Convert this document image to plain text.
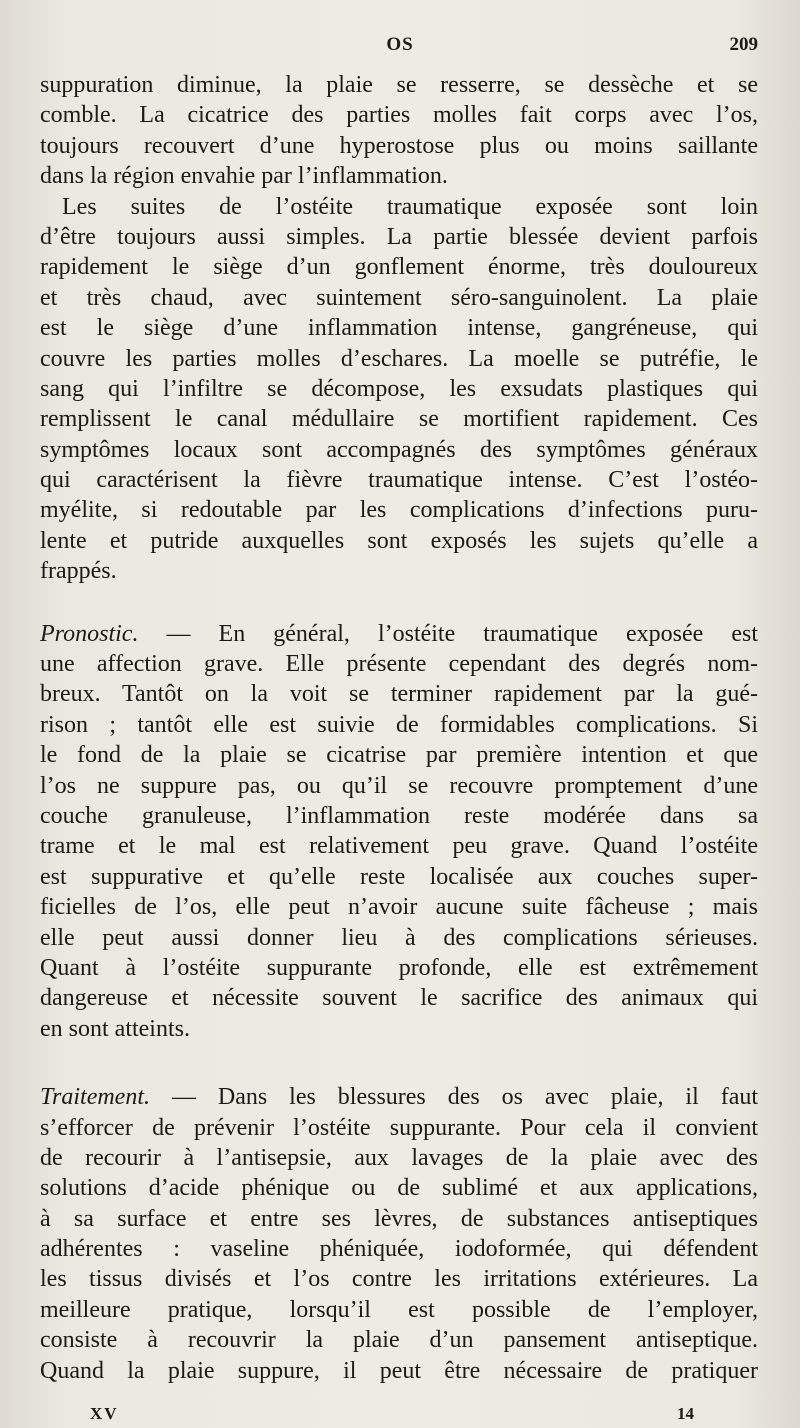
OS	209
suppuration diminue, la plaie se resserre, se dessèche et se
comble. La cicatrice des parties molles fait corps avec l’os,
toujours recouvert d’une hyperostose plus ou moins saillante
dans la région envahie par l’inflammation.
Les suites de l’ostéite traumatique exposée sont loin
d’être toujours aussi simples. La partie blessée devient parfois
rapidement le siège d’un gonflement énorme, très douloureux
et très chaud, avec suintement séro-sanguinolent. La plaie
est le siège d’une inflammation intense, gangréneuse, qui
couvre les parties molles d’eschares. La moelle se putréfie, le
sang qui l’infiltre se décompose, les exsudats plastiques qui
remplissent le canal médullaire se mortifient rapidement. Ces
symptômes locaux sont accompagnés des symptômes généraux
qui caractérisent la fièvre traumatique intense. C’est l’ostéo-
myélite, si redoutable par les complications d’infections puru-
lente et putride auxquelles sont exposés les sujets qu’elle a
frappés.
Pronostic. — En général, l’ostéite traumatique exposée est
une affection grave. Elle présente cependant des degrés nom-
breux. Tantôt on la voit se terminer rapidement par la gué-
rison ; tantôt elle est suivie de formidables complications. Si
le fond de la plaie se cicatrise par première intention et que
l’os ne suppure pas, ou qu’il se recouvre promptement d’une
couche granuleuse, l’inflammation reste modérée dans sa
trame et le mal est relativement peu grave. Quand l’ostéite
est suppurative et qu’elle reste localisée aux couches super-
ficielles de l’os, elle peut n’avoir aucune suite fâcheuse ; mais
elle peut aussi donner lieu à des complications sérieuses.
Quant à l’ostéite suppurante profonde, elle est extrêmement
dangereuse et nécessite souvent le sacrifice des animaux qui
en sont atteints.
Traitement. — Dans les blessures des os avec plaie, il faut
s’efforcer de prévenir l’ostéite suppurante. Pour cela il convient
de recourir à l’antisepsie, aux lavages de la plaie avec des
solutions d’acide phénique ou de sublimé et aux applications,
à sa surface et entre ses lèvres, de substances antiseptiques
adhérentes : vaseline phéniquée, iodoformée, qui défendent
les tissus divisés et l’os contre les irritations extérieures. La
meilleure pratique, lorsqu’il est possible de l’employer,
consiste à recouvrir la plaie d’un pansement antiseptique.
Quand la plaie suppure, il peut être nécessaire de pratiquer
XV	14
